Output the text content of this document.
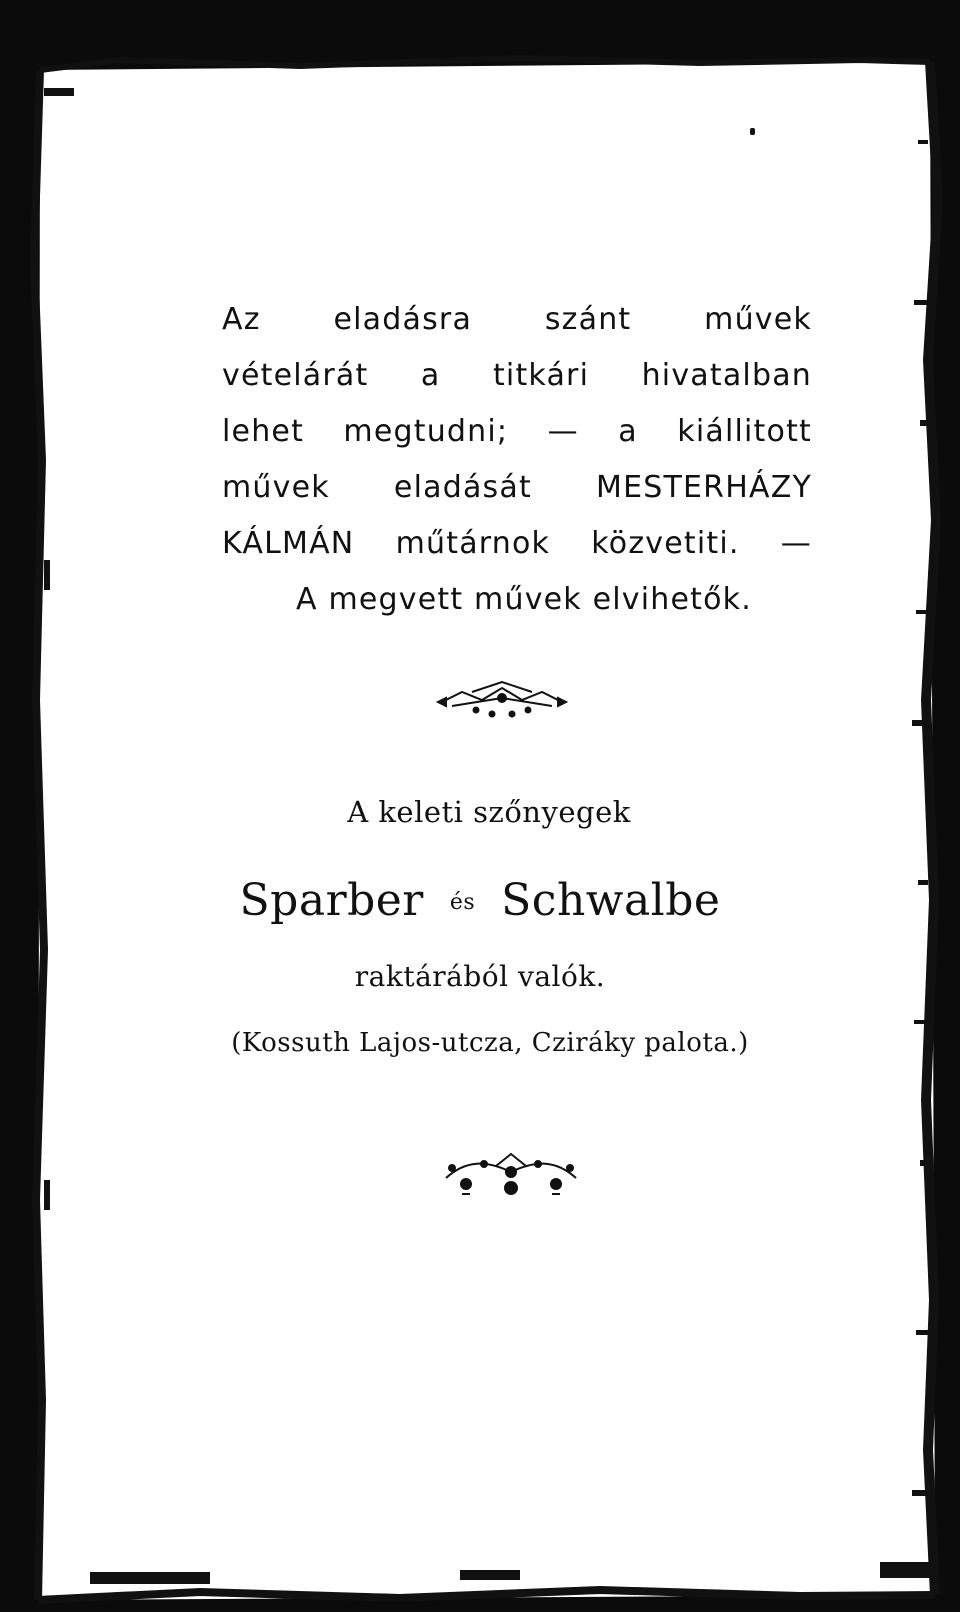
Az eladásra szánt művek

vételárát a titkári hivatalban

lehet megtudni; — a kiállitott

művek eladását MESTERHÁZY

KÁLMÁN műtárnok közvetiti. —

A megvett művek elvihetők.

A keleti szőnyegek

Sparber és Schwalbe

raktárából valók.

(Kossuth Lajos-utcza, Cziráky palota.)
